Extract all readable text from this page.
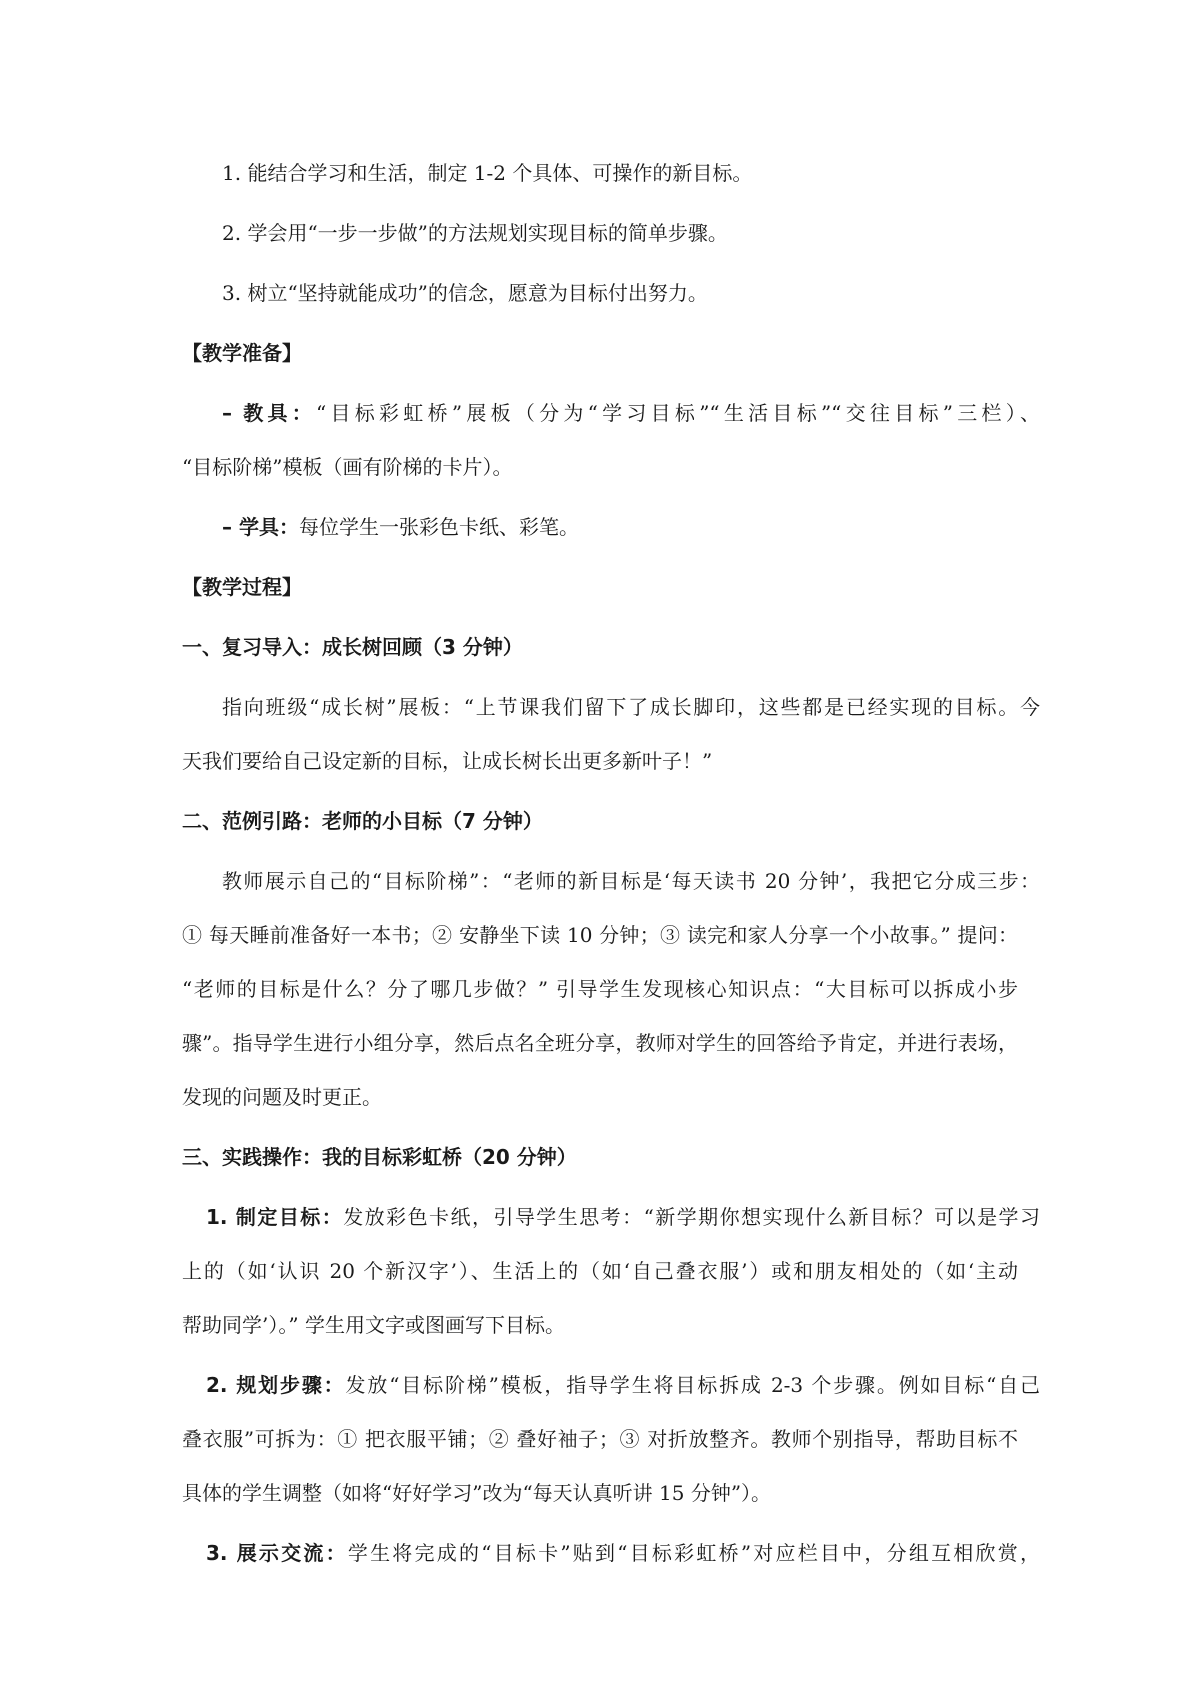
1. 能结合学习和生活，制定 1-2 个具体、可操作的新目标。
2. 学会用“一步一步做”的方法规划实现目标的简单步骤。
3. 树立“坚持就能成功”的信念，愿意为目标付出努力。
【教学准备】
– 教具：“目标彩虹桥”展板（分为“学习目标”“生活目标”“交往目标”三栏）、
“目标阶梯”模板（画有阶梯的卡片）。
– 学具：每位学生一张彩色卡纸、彩笔。
【教学过程】
一、复习导入：成长树回顾（3 分钟）
指向班级“成长树”展板：“上节课我们留下了成长脚印，这些都是已经实现的目标。今
天我们要给自己设定新的目标，让成长树长出更多新叶子！”
二、范例引路：老师的小目标（7 分钟）
教师展示自己的“目标阶梯”：“老师的新目标是‘每天读书 20 分钟’，我把它分成三步：
① 每天睡前准备好一本书；② 安静坐下读 10 分钟；③ 读完和家人分享一个小故事。” 提问：
“老师的目标是什么？分了哪几步做？” 引导学生发现核心知识点：“大目标可以拆成小步
骤”。指导学生进行小组分享，然后点名全班分享，教师对学生的回答给予肯定，并进行表场，
发现的问题及时更正。
三、实践操作：我的目标彩虹桥（20 分钟）
1. 制定目标：发放彩色卡纸，引导学生思考：“新学期你想实现什么新目标？可以是学习
上的（如‘认识 20 个新汉字’）、生活上的（如‘自己叠衣服’）或和朋友相处的（如‘主动
帮助同学’）。” 学生用文字或图画写下目标。
2. 规划步骤：发放“目标阶梯”模板，指导学生将目标拆成 2-3 个步骤。例如目标“自己
叠衣服”可拆为：① 把衣服平铺；② 叠好袖子；③ 对折放整齐。教师个别指导，帮助目标不
具体的学生调整（如将“好好学习”改为“每天认真听讲 15 分钟”）。
3. 展示交流：学生将完成的“目标卡”贴到“目标彩虹桥”对应栏目中，分组互相欣赏，
